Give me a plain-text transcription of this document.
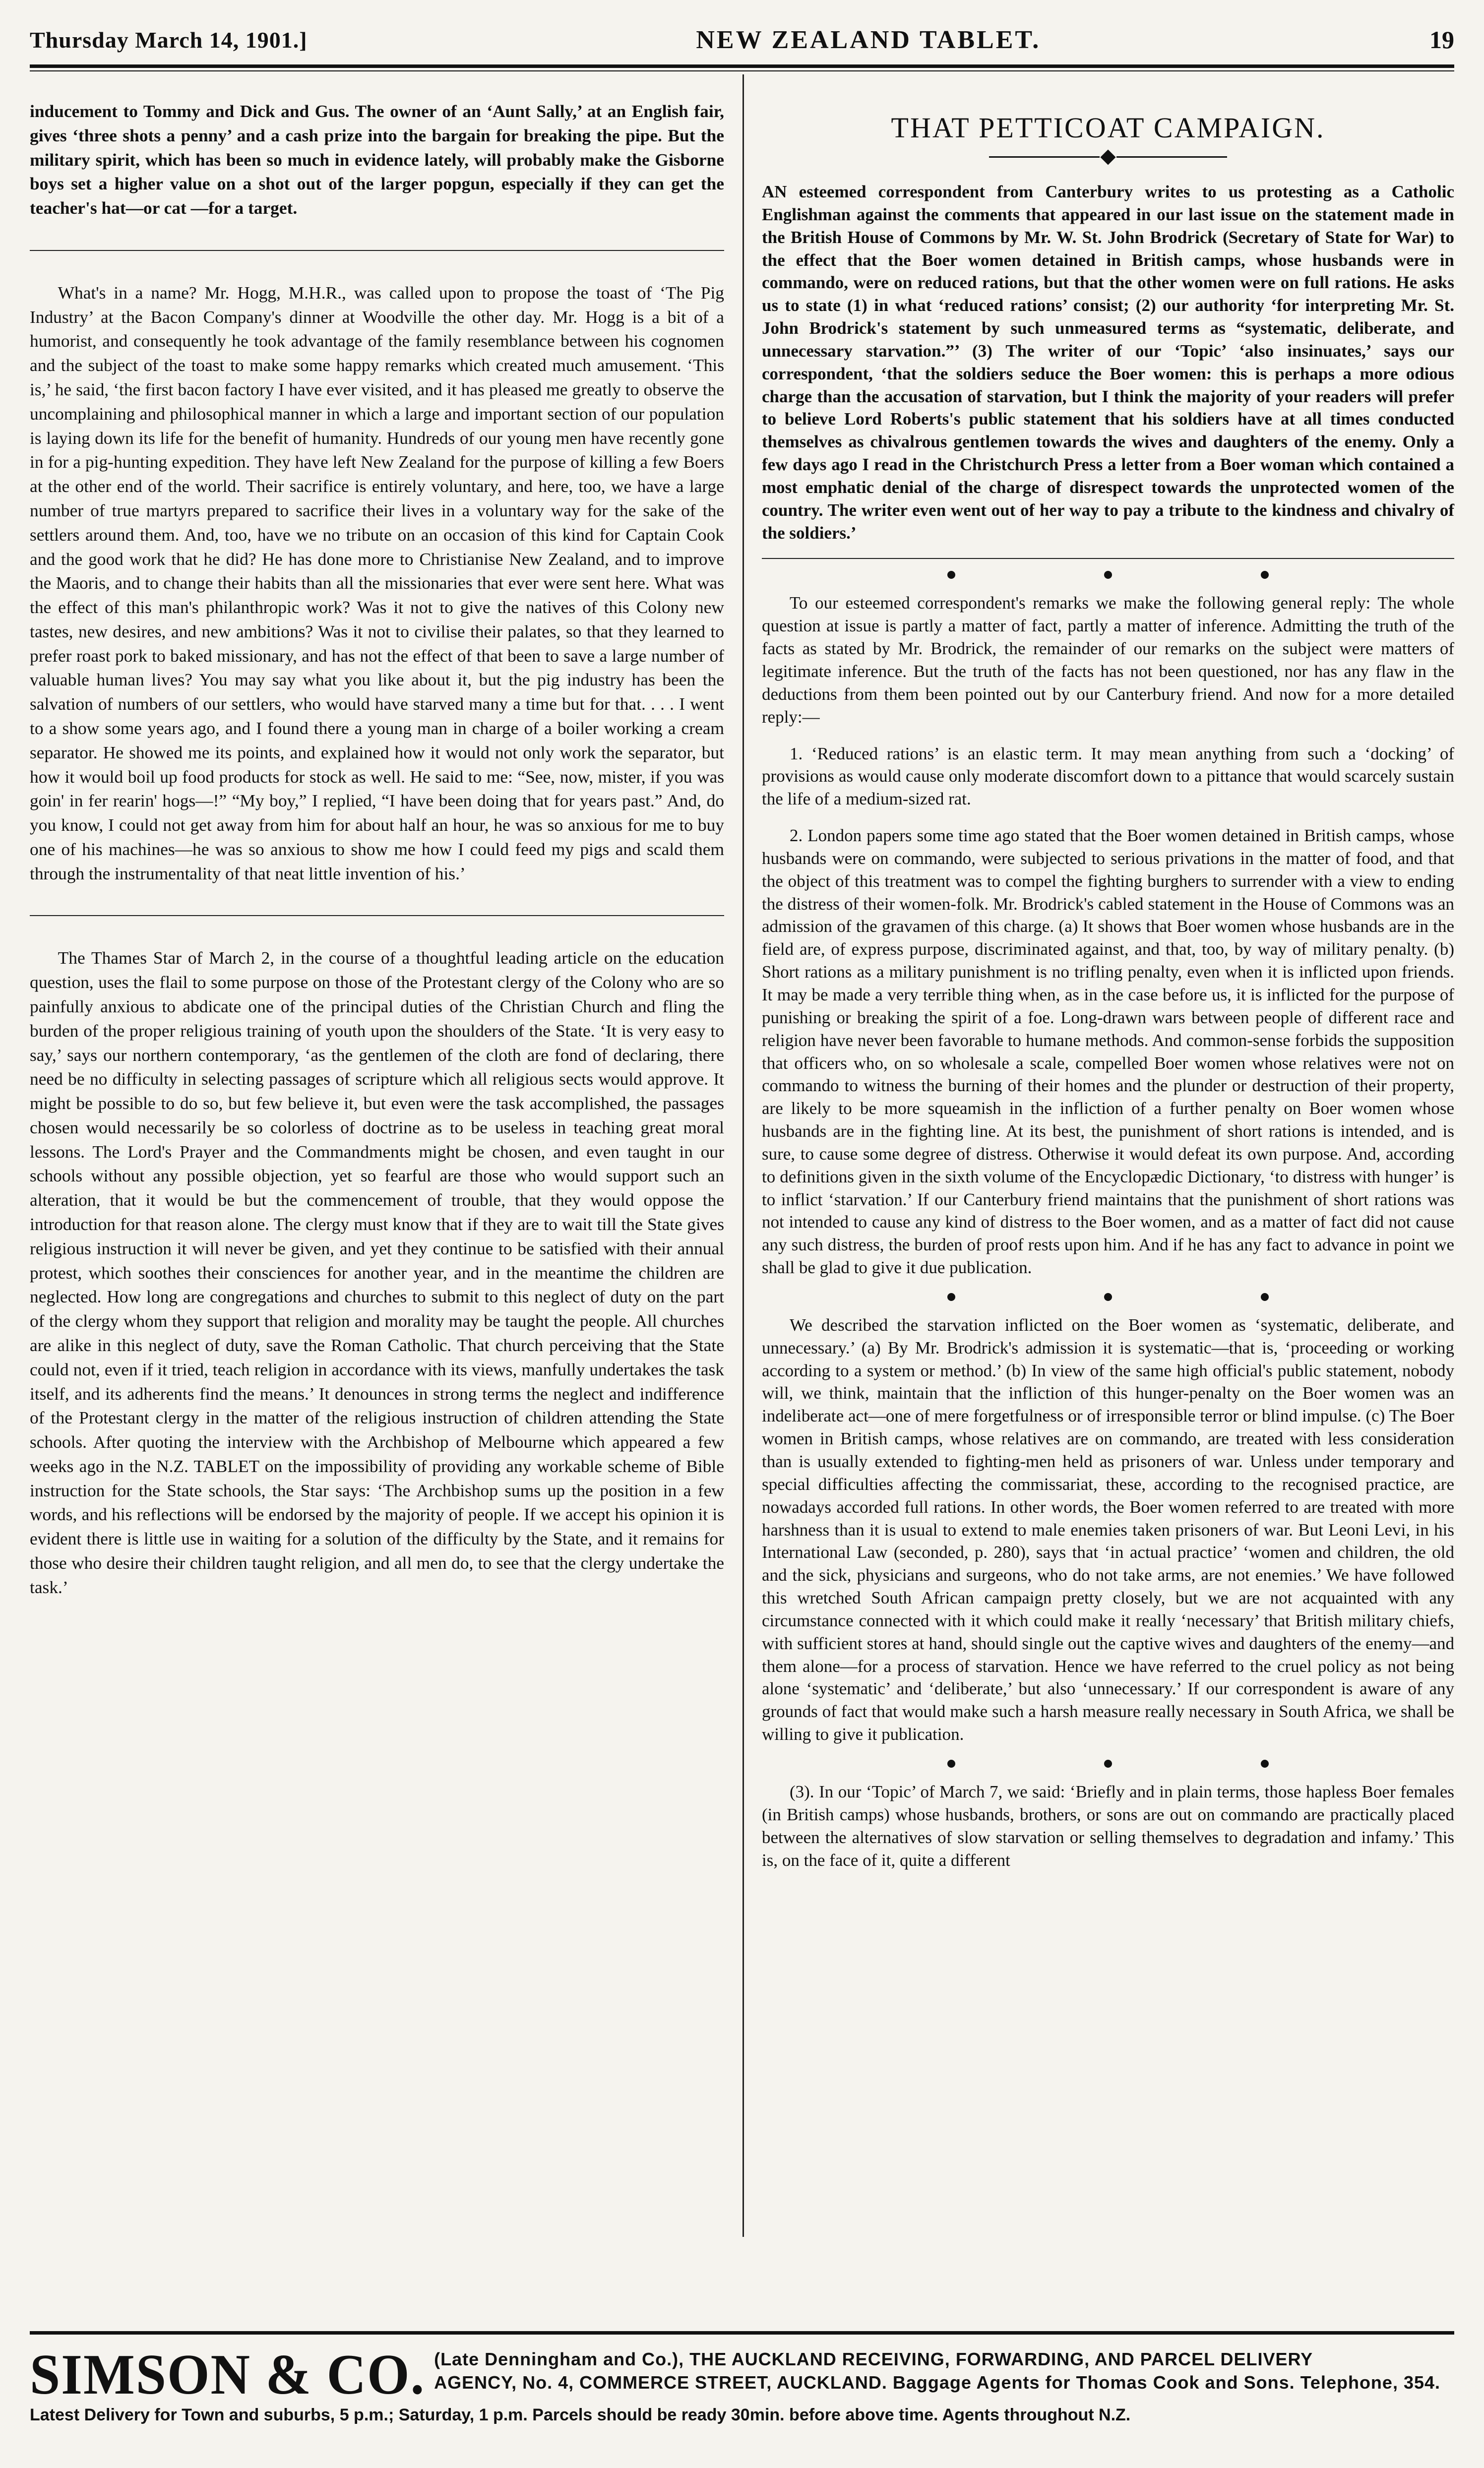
Thursday March 14, 1901.]	NEW ZEALAND TABLET.	19

inducement to Tommy and Dick and Gus. The owner of an ‘Aunt Sally,’ at an English fair, gives ‘three shots a penny’ and a cash prize into the bargain for breaking the pipe. But the military spirit, which has been so much in evidence lately, will probably make the Gisborne boys set a higher value on a shot out of the larger popgun, especially if they can get the teacher's hat—or cat —for a target.

What's in a name? Mr. Hogg, M.H.R., was called upon to propose the toast of ‘The Pig Industry’ at the Bacon Company's dinner at Woodville the other day. Mr. Hogg is a bit of a humorist, and consequently he took advantage of the family resemblance between his cognomen and the subject of the toast to make some happy remarks which created much amusement. ‘This is,’ he said, ‘the first bacon factory I have ever visited, and it has pleased me greatly to observe the uncomplaining and philosophical manner in which a large and important section of our population is laying down its life for the benefit of humanity. Hundreds of our young men have recently gone in for a pig-hunting expedition. They have left New Zealand for the purpose of killing a few Boers at the other end of the world. Their sacrifice is entirely voluntary, and here, too, we have a large number of true martyrs prepared to sacrifice their lives in a voluntary way for the sake of the settlers around them. And, too, have we no tribute on an occasion of this kind for Captain Cook and the good work that he did? He has done more to Christianise New Zealand, and to improve the Maoris, and to change their habits than all the missionaries that ever were sent here. What was the effect of this man's philanthropic work? Was it not to give the natives of this Colony new tastes, new desires, and new ambitions? Was it not to civilise their palates, so that they learned to prefer roast pork to baked missionary, and has not the effect of that been to save a large number of valuable human lives? You may say what you like about it, but the pig industry has been the salvation of numbers of our settlers, who would have starved many a time but for that. . . . I went to a show some years ago, and I found there a young man in charge of a boiler working a cream separator. He showed me its points, and explained how it would not only work the separator, but how it would boil up food products for stock as well. He said to me: “See, now, mister, if you was goin' in fer rearin' hogs—!” “My boy,” I replied, “I have been doing that for years past.” And, do you know, I could not get away from him for about half an hour, he was so anxious for me to buy one of his machines—he was so anxious to show me how I could feed my pigs and scald them through the instrumentality of that neat little invention of his.’

The Thames Star of March 2, in the course of a thoughtful leading article on the education question, uses the flail to some purpose on those of the Protestant clergy of the Colony who are so painfully anxious to abdicate one of the principal duties of the Christian Church and fling the burden of the proper religious training of youth upon the shoulders of the State. ‘It is very easy to say,’ says our northern contemporary, ‘as the gentlemen of the cloth are fond of declaring, there need be no difficulty in selecting passages of scripture which all religious sects would approve. It might be possible to do so, but few believe it, but even were the task accomplished, the passages chosen would necessarily be so colorless of doctrine as to be useless in teaching great moral lessons. The Lord's Prayer and the Commandments might be chosen, and even taught in our schools without any possible objection, yet so fearful are those who would support such an alteration, that it would be but the commencement of trouble, that they would oppose the introduction for that reason alone. The clergy must know that if they are to wait till the State gives religious instruction it will never be given, and yet they continue to be satisfied with their annual protest, which soothes their consciences for another year, and in the meantime the children are neglected. How long are congregations and churches to submit to this neglect of duty on the part of the clergy whom they support that religion and morality may be taught the people. All churches are alike in this neglect of duty, save the Roman Catholic. That church perceiving that the State could not, even if it tried, teach religion in accordance with its views, manfully undertakes the task itself, and its adherents find the means.’ It denounces in strong terms the neglect and indifference of the Protestant clergy in the matter of the religious instruction of children attending the State schools. After quoting the interview with the Archbishop of Melbourne which appeared a few weeks ago in the N.Z. TABLET on the impossibility of providing any workable scheme of Bible instruction for the State schools, the Star says: ‘The Archbishop sums up the position in a few words, and his reflections will be endorsed by the majority of people. If we accept his opinion it is evident there is little use in waiting for a solution of the difficulty by the State, and it remains for those who desire their children taught religion, and all men do, to see that the clergy undertake the task.’

THAT PETTICOAT CAMPAIGN.

AN esteemed correspondent from Canterbury writes to us protesting as a Catholic Englishman against the comments that appeared in our last issue on the statement made in the British House of Commons by Mr. W. St. John Brodrick (Secretary of State for War) to the effect that the Boer women detained in British camps, whose husbands were in commando, were on reduced rations, but that the other women were on full rations. He asks us to state (1) in what ‘reduced rations’ consist; (2) our authority ‘for interpreting Mr. St. John Brodrick's statement by such unmeasured terms as “systematic, deliberate, and unnecessary starvation.”’ (3) The writer of our ‘Topic’ ‘also insinuates,’ says our correspondent, ‘that the soldiers seduce the Boer women: this is perhaps a more odious charge than the accusation of starvation, but I think the majority of your readers will prefer to believe Lord Roberts's public statement that his soldiers have at all times conducted themselves as chivalrous gentlemen towards the wives and daughters of the enemy. Only a few days ago I read in the Christchurch Press a letter from a Boer woman which contained a most emphatic denial of the charge of disrespect towards the unprotected women of the country. The writer even went out of her way to pay a tribute to the kindness and chivalry of the soldiers.’

To our esteemed correspondent's remarks we make the following general reply: The whole question at issue is partly a matter of fact, partly a matter of inference. Admitting the truth of the facts as stated by Mr. Brodrick, the remainder of our remarks on the subject were matters of legitimate inference. But the truth of the facts has not been questioned, nor has any flaw in the deductions from them been pointed out by our Canterbury friend. And now for a more detailed reply:—

1. ‘Reduced rations’ is an elastic term. It may mean anything from such a ‘docking’ of provisions as would cause only moderate discomfort down to a pittance that would scarcely sustain the life of a medium-sized rat.

2. London papers some time ago stated that the Boer women detained in British camps, whose husbands were on commando, were subjected to serious privations in the matter of food, and that the object of this treatment was to compel the fighting burghers to surrender with a view to ending the distress of their women-folk. Mr. Brodrick's cabled statement in the House of Commons was an admission of the gravamen of this charge. (a) It shows that Boer women whose husbands are in the field are, of express purpose, discriminated against, and that, too, by way of military penalty. (b) Short rations as a military punishment is no trifling penalty, even when it is inflicted upon friends. It may be made a very terrible thing when, as in the case before us, it is inflicted for the purpose of punishing or breaking the spirit of a foe. Long-drawn wars between people of different race and religion have never been favorable to humane methods. And common-sense forbids the supposition that officers who, on so wholesale a scale, compelled Boer women whose relatives were not on commando to witness the burning of their homes and the plunder or destruction of their property, are likely to be more squeamish in the infliction of a further penalty on Boer women whose husbands are in the fighting line. At its best, the punishment of short rations is intended, and is sure, to cause some degree of distress. Otherwise it would defeat its own purpose. And, according to definitions given in the sixth volume of the Encyclopædic Dictionary, ‘to distress with hunger’ is to inflict ‘starvation.’ If our Canterbury friend maintains that the punishment of short rations was not intended to cause any kind of distress to the Boer women, and as a matter of fact did not cause any such distress, the burden of proof rests upon him. And if he has any fact to advance in point we shall be glad to give it due publication.

We described the starvation inflicted on the Boer women as ‘systematic, deliberate, and unnecessary.’ (a) By Mr. Brodrick's admission it is systematic—that is, ‘proceeding or working according to a system or method.’ (b) In view of the same high official's public statement, nobody will, we think, maintain that the infliction of this hunger-penalty on the Boer women was an indeliberate act—one of mere forgetfulness or of irresponsible terror or blind impulse. (c) The Boer women in British camps, whose relatives are on commando, are treated with less consideration than is usually extended to fighting-men held as prisoners of war. Unless under temporary and special difficulties affecting the commissariat, these, according to the recognised practice, are nowadays accorded full rations. In other words, the Boer women referred to are treated with more harshness than it is usual to extend to male enemies taken prisoners of war. But Leoni Levi, in his International Law (seconded, p. 280), says that ‘in actual practice’ ‘women and children, the old and the sick, physicians and surgeons, who do not take arms, are not enemies.’ We have followed this wretched South African campaign pretty closely, but we are not acquainted with any circumstance connected with it which could make it really ‘necessary’ that British military chiefs, with sufficient stores at hand, should single out the captive wives and daughters of the enemy—and them alone—for a process of starvation. Hence we have referred to the cruel policy as not being alone ‘systematic’ and ‘deliberate,’ but also ‘unnecessary.’ If our correspondent is aware of any grounds of fact that would make such a harsh measure really necessary in South Africa, we shall be willing to give it publication.

(3). In our ‘Topic’ of March 7, we said: ‘Briefly and in plain terms, those hapless Boer females (in British camps) whose husbands, brothers, or sons are out on commando are practically placed between the alternatives of slow starvation or selling themselves to degradation and infamy.’ This is, on the face of it, quite a different

SIMSON & CO. (Late Denningham and Co.), THE AUCKLAND RECEIVING, FORWARDING, AND PARCEL DELIVERY
AGENCY, No. 4, COMMERCE STREET, AUCKLAND. Baggage Agents for Thomas Cook and Sons. Telephone, 354.
Latest Delivery for Town and suburbs, 5 p.m.; Saturday, 1 p.m. Parcels should be ready 30min. before above time. Agents throughout N.Z.
